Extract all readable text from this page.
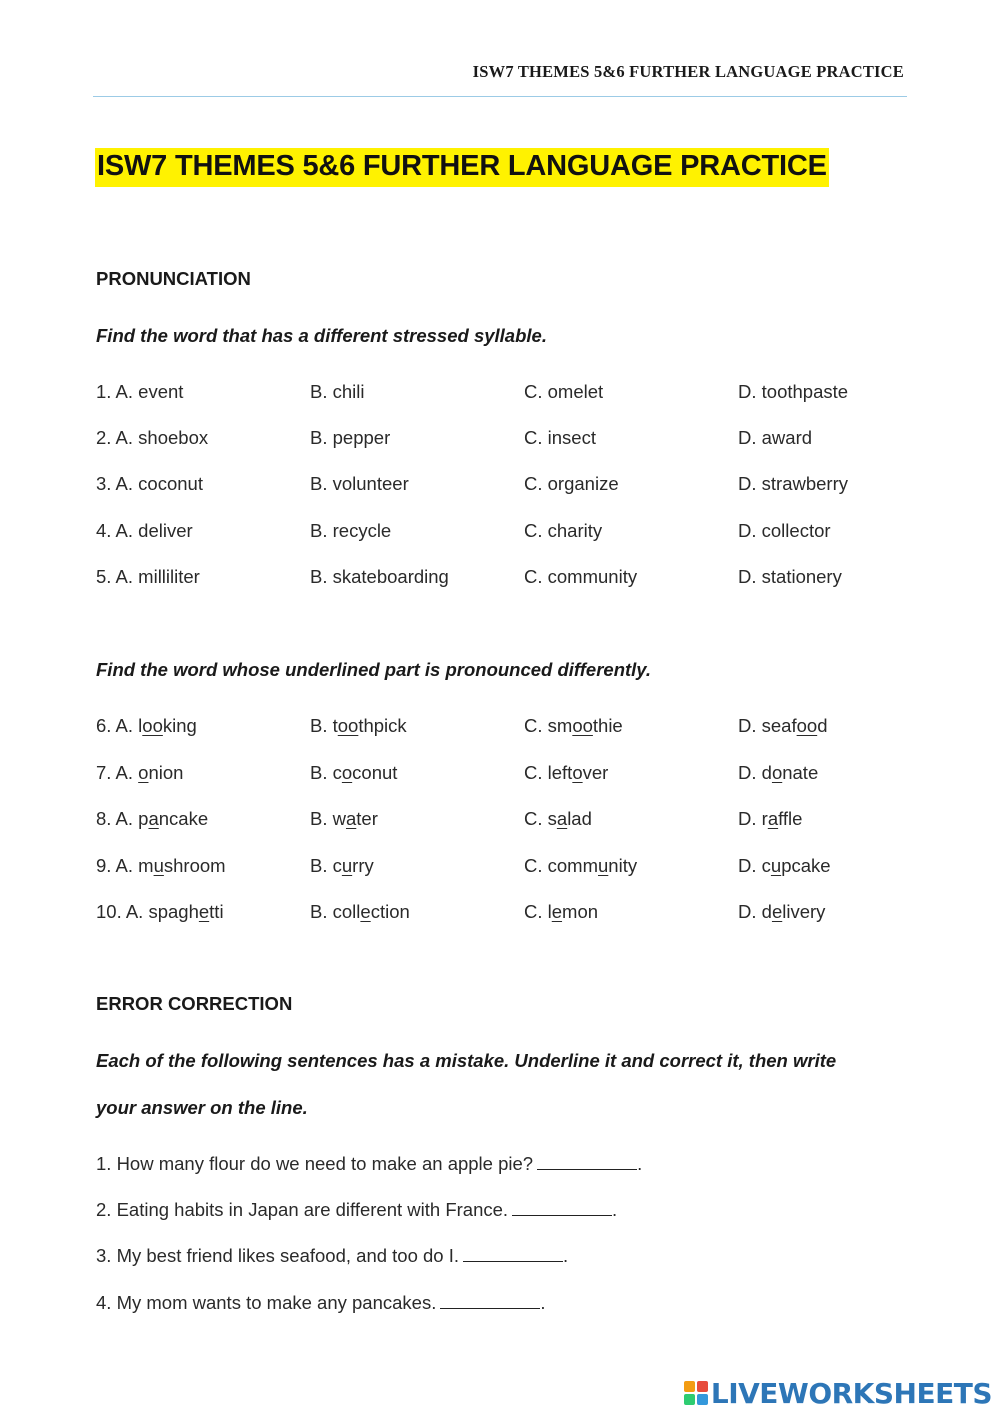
ISW7 THEMES 5&6 FURTHER LANGUAGE PRACTICE
ISW7 THEMES 5&6 FURTHER LANGUAGE PRACTICE
PRONUNCIATION
Find the word that has a different stressed syllable.
1. A. event	B. chili	C. omelet	D. toothpaste
2. A. shoebox	B. pepper	C. insect	D. award
3. A. coconut	B. volunteer	C. organize	D. strawberry
4. A. deliver	B. recycle	C. charity	D. collector
5. A. milliliter	B. skateboarding	C. community	D. stationery
Find the word whose underlined part is pronounced differently.
6. A. looking	B. toothpick	C. smoothie	D. seafood
7. A. onion	B. coconut	C. leftover	D. donate
8. A. pancake	B. water	C. salad	D. raffle
9. A. mushroom	B. curry	C. community	D. cupcake
10. A. spaghetti	B. collection	C. lemon	D. delivery
ERROR CORRECTION
Each of the following sentences has a mistake. Underline it and correct it, then write
your answer on the line.
1. How many flour do we need to make an apple pie?	.
2. Eating habits in Japan are different with France.	.
3. My best friend likes seafood, and too do I.	.
4. My mom wants to make any pancakes.	.
LIVEWORKSHEETS
